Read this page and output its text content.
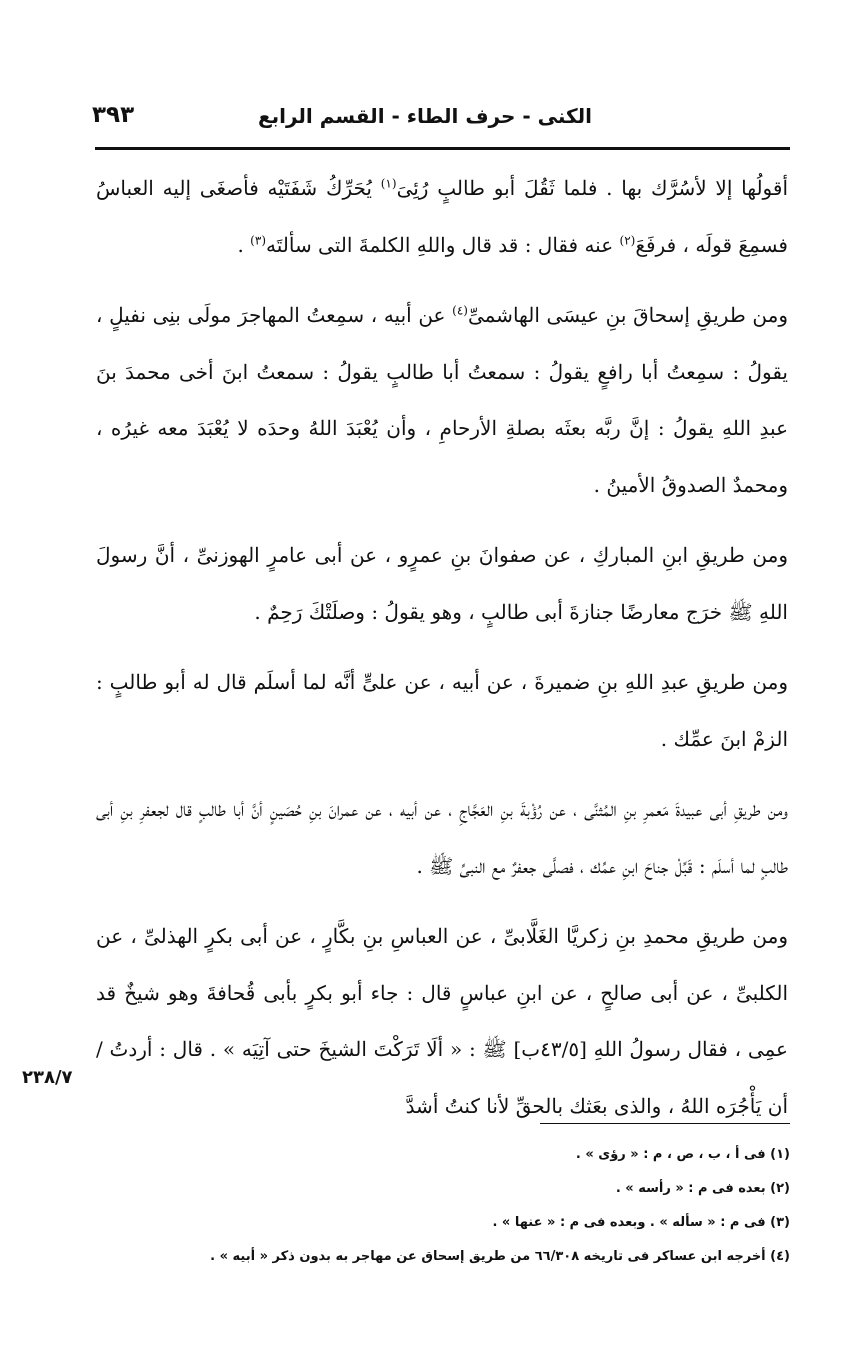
الكنى - حرف الطاء - القسم الرابع
٣٩٣

أقولُها إلا لأسُرَّك بها . فلما ثَقُلَ أبو طالبٍ رُئِىَ$^{(١)}$ يُحَرِّكُ شَفَتَيْه فأصغَى إليه العباسُ فسمِعَ قولَه ، فرفَعَ$^{(٢)}$ عنه فقال : قد قال واللهِ الكلمةَ التى سألتَه$^{(٣)}$ .

ومن طريقِ إسحاقَ بنِ عيسَى الهاشمىِّ$^{(٤)}$ عن أبيه ، سمِعتُ المهاجرَ مولَى بنِى نفيلٍ ، يقولُ : سمِعتُ أبا رافعٍ يقولُ : سمعتُ أبا طالبٍ يقولُ : سمعتُ ابنَ أخى محمدَ بنَ عبدِ اللهِ يقولُ : إنَّ ربَّه بعثَه بصلةِ الأرحامِ ، وأن يُعْبَدَ اللهُ وحدَه لا يُعْبَدَ معه غيرُه ، ومحمدٌ الصدوقُ الأمينُ .

ومن طريقِ ابنِ المباركِ ، عن صفوانَ بنِ عمرٍو ، عن أبى عامرٍ الهوزنىِّ ، أنَّ رسولَ اللهِ ﷺ خرَج معارضًا جنازةَ أبى طالبٍ ، وهو يقولُ : وصلَتْكَ رَحِمٌ .

ومن طريقِ عبدِ اللهِ بنِ ضميرةَ ، عن أبيه ، عن علىٍّ أنَّه لما أسلَم قال له أبو طالبٍ : الزمْ ابنَ عمِّك .

ومن طريقِ أبى عبيدةَ مَعمرِ بنِ المُثنَّى ، عن رُؤْبةَ بنِ العَجَّاجِ ، عن أبيه ، عن عمرانَ بنِ حُصَينٍ أنَّ أبا طالبٍ قال لجعفرِ بنِ أبى طالبٍ لما أسلَم : قَبِّلْ جناحَ ابنِ عمِّك ، فصلَّى جعفرٌ مع النبىِّ ﷺ .

ومن طريقِ محمدِ بنِ زكريَّا الغَلَّابىِّ ، عن العباسِ بنِ بكَّارٍ ، عن أبى بكرٍ الهذلىِّ ، عن الكلبىِّ ، عن أبى صالحٍ ، عن ابنِ عباسٍ قال : جاء أبو بكرٍ بأبى قُحافةَ وهو شيخٌ قد عمِى ، فقال رسولُ اللهِ [٤٣/٥ب] ﷺ : « ألَا تَرَكْتَ الشيخَ حتى آتِيَه » . قال : أردتُ /أن يَأْجُرَه اللهُ ، والذى بعَثك بالحقِّ لأنا كنتُ أشدَّ

٢٣٨/٧

(١) فى أ ، ب ، ص ، م : « رؤى » .

(٢) بعده فى م : « رأسه » .

(٣) فى م : « سأله » . وبعده فى م : « عنها » .

(٤) أخرجه ابن عساكر فى تاريخه ٦٦/٣٠٨ من طريق إسحاق عن مهاجر به بدون ذكر « أبيه » .
